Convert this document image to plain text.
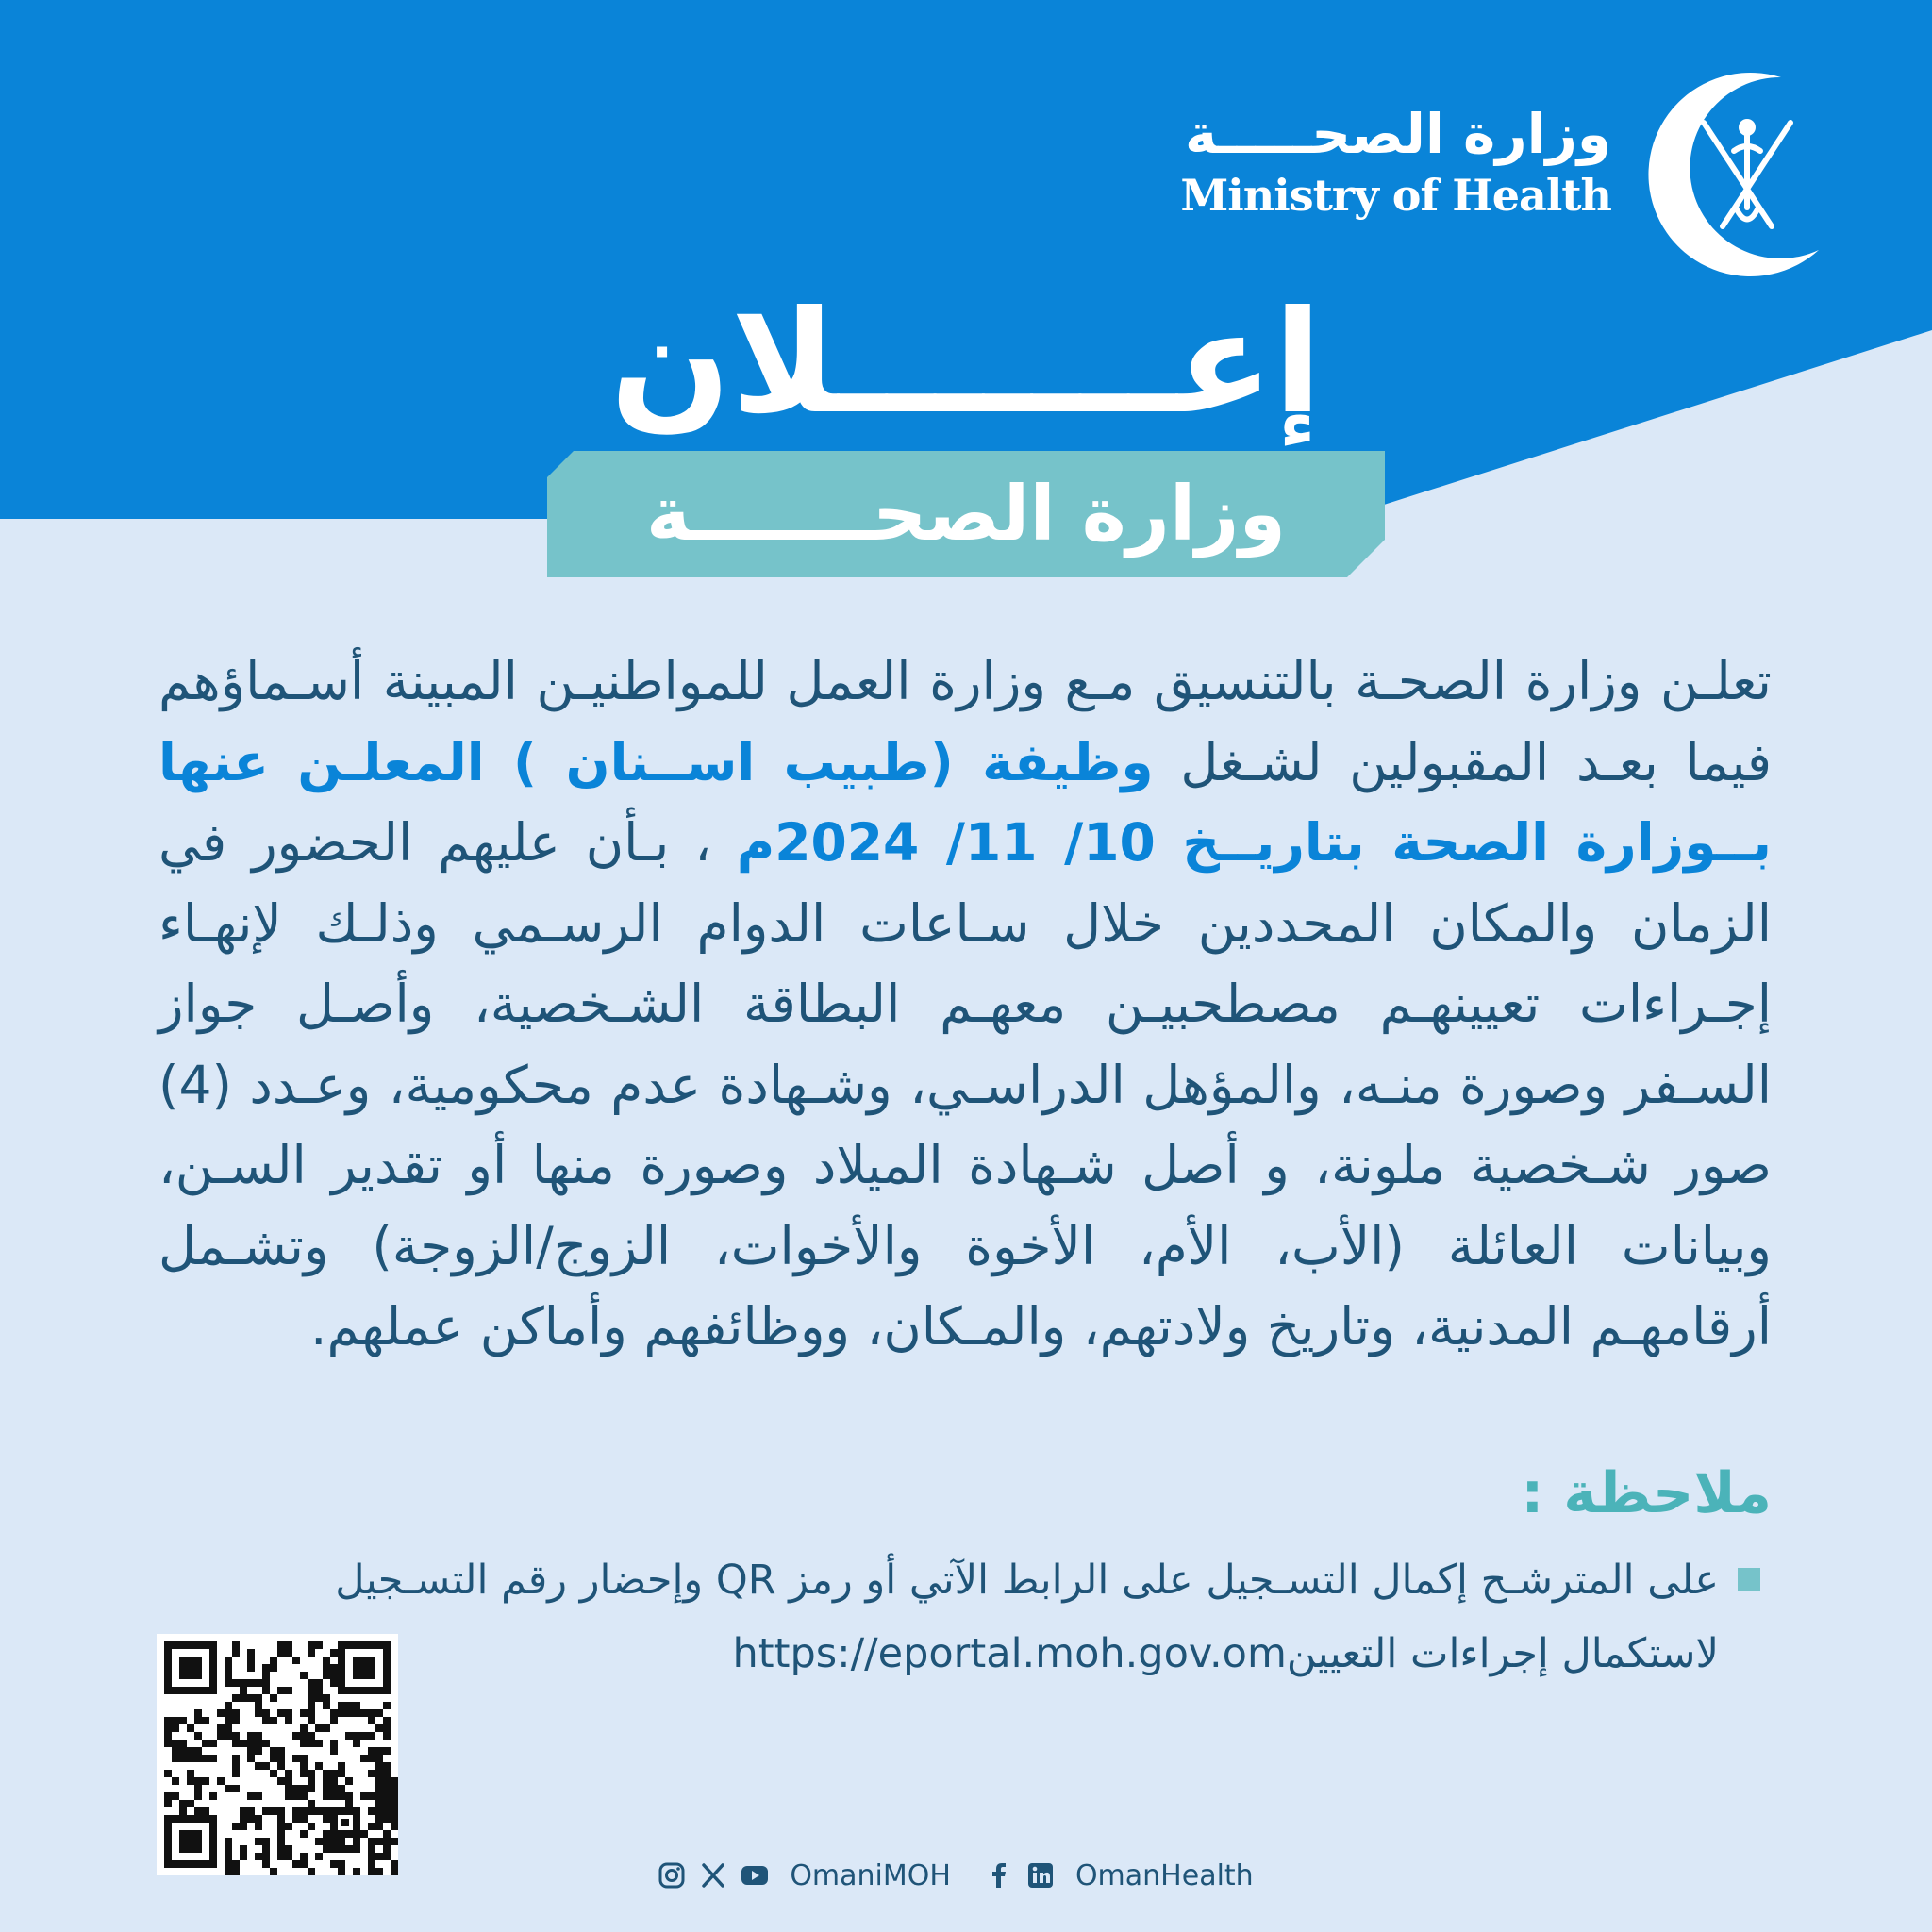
وزارة الصحـــــة
Ministry of Health
إعـــــــلان
وزارة الصحـــــــة
تعلـن وزارة الصحـة بالتنسيق مـع وزارة العمل للمواطنيـن المبينة أسـماؤهم فيما بعـد المقبولين لشـغل وظيفة (طبيب اســنان ) المعلـن عنها بــوزارة الصحة بتاريــخ 10/ 11/ 2024م ، بـأن عليهم الحضور في الزمان والمكان المحددين خلال سـاعات الدوام الرسـمي وذلـك لإنهـاء إجـراءات تعيينهـم مصطحبيـن معهـم البطاقة الشـخصية، وأصـل جواز السـفر وصورة منـه، والمؤهل الدراسـي، وشـهادة عدم محكومية، وعـدد (4) صور شـخصية ملونة، و أصل شـهادة الميلاد وصورة منها أو تقدير السـن، وبيانات العائلة (الأب، الأم، الأخوة والأخوات، الزوج/الزوجة) وتشـمل أرقامهـم المدنية، وتاريخ ولادتهم، والمـكان، ووظائفهم وأماكن عملهم.
ملاحظة :
على المترشـح إكمال التسـجيل على الرابط الآتي أو رمز QR وإحضار رقم التسـجيل
لاستكمال إجراءات التعيينhttps://eportal.moh.gov.om
OmaniMOH	OmanHealth
